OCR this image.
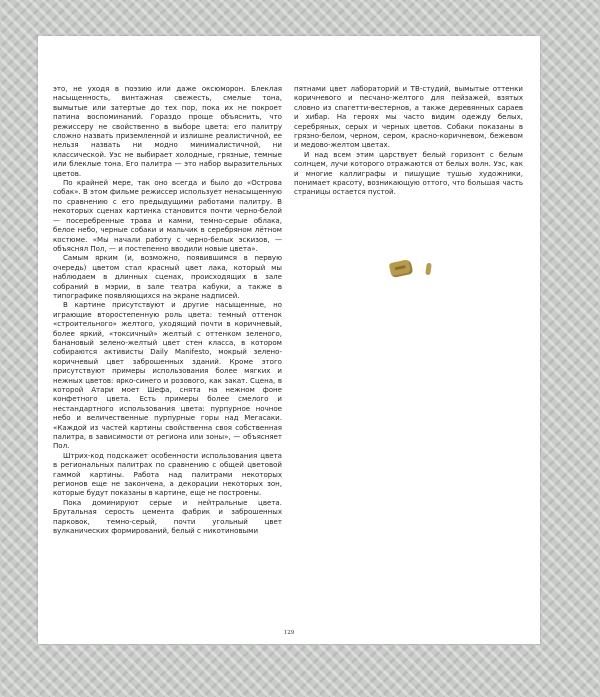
это, не уходя в поэзию или даже оксюморон. Блеклая насыщенность, винтажная свежесть, смелые тона, вымытые или затертые до тех пор, пока их не покроет патина воспоминаний. Гораздо проще объяснить, что режиссеру не свойственно в выборе цвета: его палитру сложно назвать приземленной и излишне реалистичной, ее нельзя назвать ни модно минималистичной, ни классической. Уэс не выбирает холодные, грязные, темные или блеклые тона. Его палитра — это набор выразительных цветов.

По крайней мере, так оно всегда и было до «Острова собак». В этом фильме режиссер использует ненасыщенную по сравнению с его предыдущими работами палитру. В некоторых сценах картинка становится почти черно-белой — посеребренные трава и камни, темно-серые облака, белое небо, черные собаки и мальчик в серебряном лётном костюме. «Мы начали работу с черно-белых эскизов, — объяснял Пол, — и постепенно вводили новые цвета».

Самым ярким (и, возможно, появившимся в первую очередь) цветом стал красный цвет лака, который мы наблюдаем в длинных сценах, происходящих в зале собраний в мэрии, в зале театра кабуки, а также в типографике появляющихся на экране надписей.

В картине присутствуют и другие насыщенные, но играющие второстепенную роль цвета: темный оттенок «строительного» желтого, уходящий почти в коричневый, более яркий, «токсичный» желтый с оттенком зеленого, банановый зелено-желтый цвет стен класса, в котором собираются активисты Daily Manifesto, мокрый зелено-коричневый цвет заброшенных зданий. Кроме этого присутствуют примеры использования более мягких и нежных цветов: ярко-синего и розового, как закат. Сцена, в которой Атари моет Шефа, снята на нежном фоне конфетного цвета. Есть примеры более смелого и нестандартного использования цвета: пурпурное ночное небо и величественные пурпурные горы над Мегасаки. «Каждой из частей картины свойственна своя собственная палитра, в зависимости от региона или зоны», — объясняет Пол.

Штрих-код подскажет особенности использования цвета в региональных палитрах по сравнению с общей цветовой гаммой картины. Работа над палитрами некоторых регионов еще не закончена, а декорации некоторых зон, которые будут показаны в картине, еще не построены.

Пока доминируют серые и нейтральные цвета. Брутальная серость цемента фабрик и заброшенных парковок, темно-серый, почти угольный цвет вулканических формирований, белый с никотиновыми

пятнами цвет лабораторий и ТВ-студий, вымытые оттенки коричневого и песчано-желтого для пейзажей, взятых словно из спагетти-вестернов, а также деревянных сараев и хибар. На героях мы часто видим одежду белых, серебряных, серых и черных цветов. Собаки показаны в грязно-белом, черном, сером, красно-коричневом, бежевом и медово-желтом цветах.

И над всем этим царствует белый горизонт с белым солнцем, лучи которого отражаются от белых волн. Уэс, как и многие каллиграфы и пишущие тушью художники, понимает красоту, возникающую оттого, что большая часть страницы остается пустой.

129
